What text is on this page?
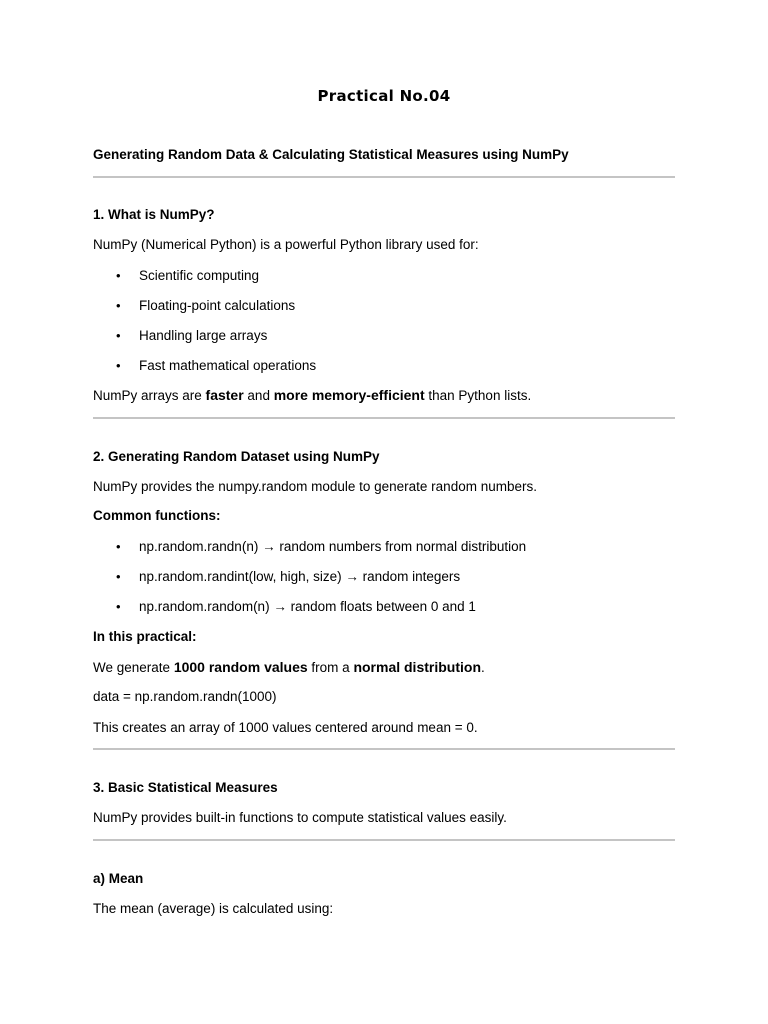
Practical No.04
Generating Random Data & Calculating Statistical Measures using NumPy
1. What is NumPy?
NumPy (Numerical Python) is a powerful Python library used for:
• Scientific computing
• Floating-point calculations
• Handling large arrays
• Fast mathematical operations
NumPy arrays are faster and more memory-efficient than Python lists.
2. Generating Random Dataset using NumPy
NumPy provides the numpy.random module to generate random numbers.
Common functions:
• np.random.randn(n) → random numbers from normal distribution
• np.random.randint(low, high, size) → random integers
• np.random.random(n) → random floats between 0 and 1
In this practical:
We generate 1000 random values from a normal distribution.
data = np.random.randn(1000)
This creates an array of 1000 values centered around mean = 0.
3. Basic Statistical Measures
NumPy provides built-in functions to compute statistical values easily.
a) Mean
The mean (average) is calculated using:
